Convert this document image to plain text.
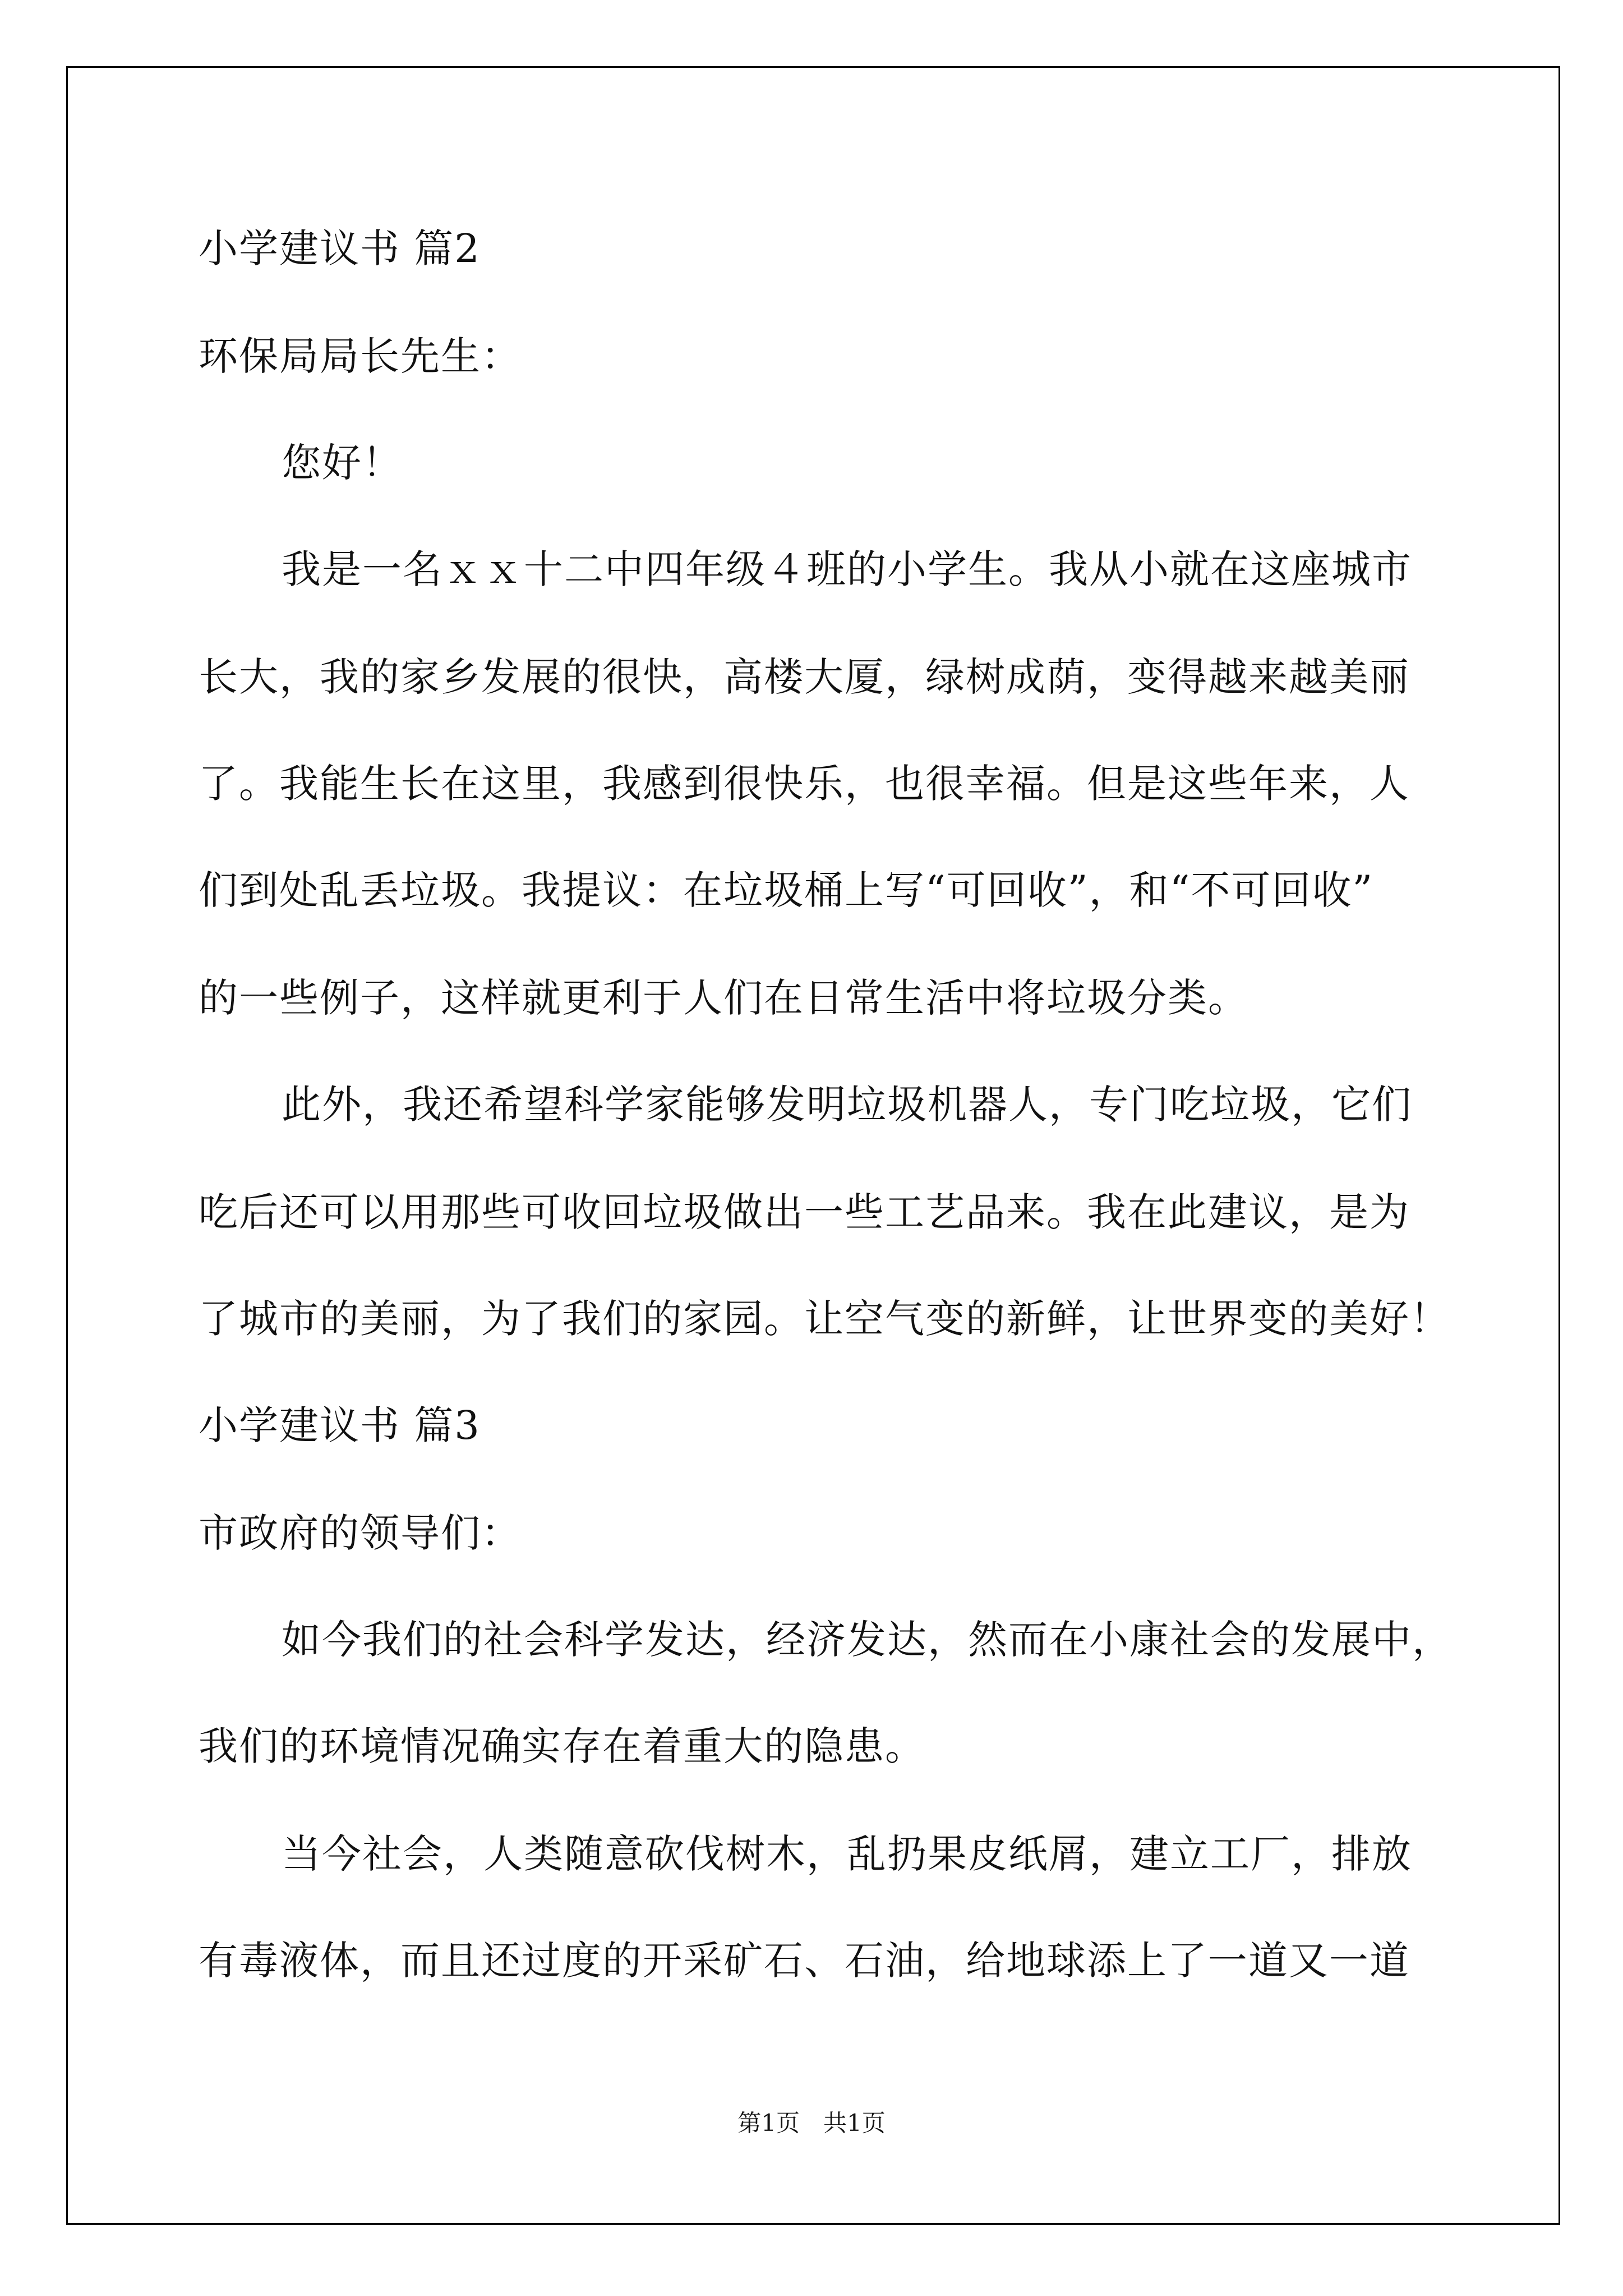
小学建议书 篇2
环保局局长先生：
您好！
我是一名ｘｘ十二中四年级４班的小学生。我从小就在这座城市
长大，我的家乡发展的很快，高楼大厦，绿树成荫，变得越来越美丽
了。我能生长在这里，我感到很快乐，也很幸福。但是这些年来，人
们到处乱丢垃圾。我提议：在垃圾桶上写“可回收”，和“不可回收”
的一些例子，这样就更利于人们在日常生活中将垃圾分类。
此外，我还希望科学家能够发明垃圾机器人，专门吃垃圾，它们
吃后还可以用那些可收回垃圾做出一些工艺品来。我在此建议，是为
了城市的美丽，为了我们的家园。让空气变的新鲜，让世界变的美好！
小学建议书 篇3
市政府的领导们：
如今我们的社会科学发达，经济发达，然而在小康社会的发展中，
我们的环境情况确实存在着重大的隐患。
当今社会，人类随意砍伐树木，乱扔果皮纸屑，建立工厂，排放
有毒液体，而且还过度的开采矿石、石油，给地球添上了一道又一道
第1页　共1页
